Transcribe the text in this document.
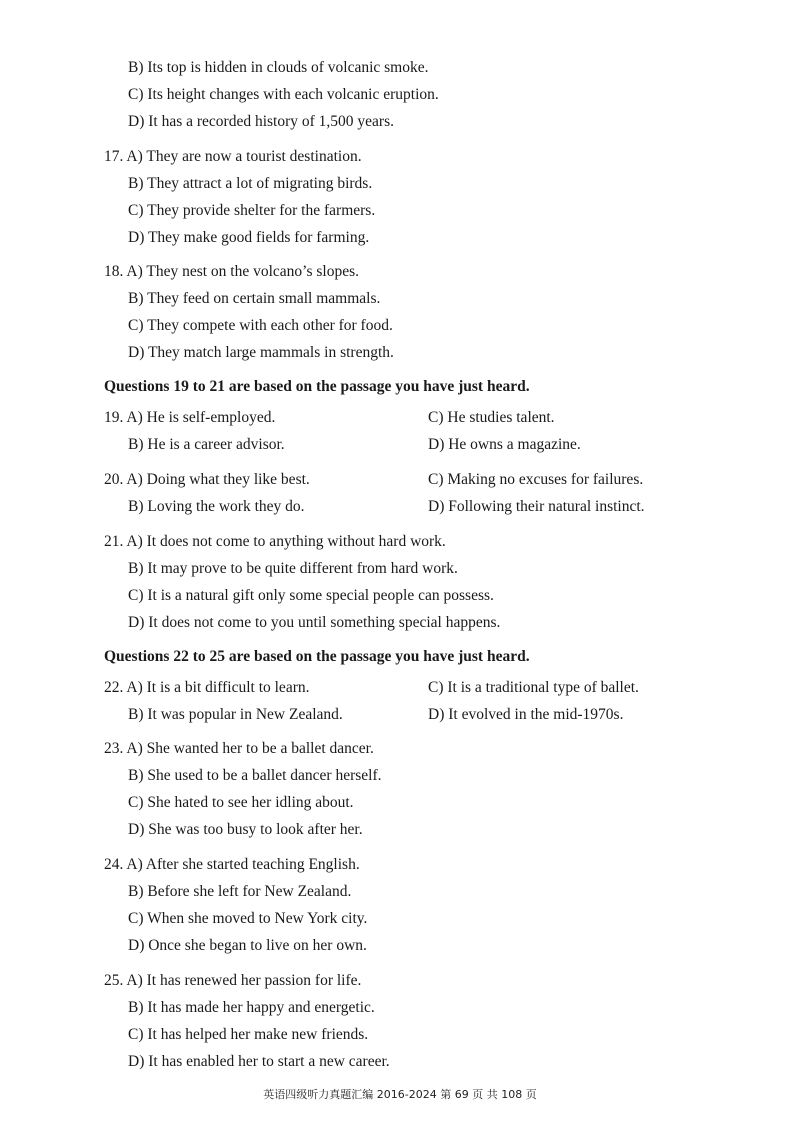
B) Its top is hidden in clouds of volcanic smoke.
C) Its height changes with each volcanic eruption.
D) It has a recorded history of 1,500 years.
17. A) They are now a tourist destination.
B) They attract a lot of migrating birds.
C) They provide shelter for the farmers.
D) They make good fields for farming.
18. A) They nest on the volcano’s slopes.
B) They feed on certain small mammals.
C) They compete with each other for food.
D) They match large mammals in strength.
Questions 19 to 21 are based on the passage you have just heard.
19. A) He is self-employed.	C) He studies talent.
B) He is a career advisor.	D) He owns a magazine.
20. A) Doing what they like best.	C) Making no excuses for failures.
B) Loving the work they do.	D) Following their natural instinct.
21. A) It does not come to anything without hard work.
B) It may prove to be quite different from hard work.
C) It is a natural gift only some special people can possess.
D) It does not come to you until something special happens.
Questions 22 to 25 are based on the passage you have just heard.
22. A) It is a bit difficult to learn.	C) It is a traditional type of ballet.
B) It was popular in New Zealand.	D) It evolved in the mid-1970s.
23. A) She wanted her to be a ballet dancer.
B) She used to be a ballet dancer herself.
C) She hated to see her idling about.
D) She was too busy to look after her.
24. A) After she started teaching English.
B) Before she left for New Zealand.
C) When she moved to New York city.
D) Once she began to live on her own.
25. A) It has renewed her passion for life.
B) It has made her happy and energetic.
C) It has helped her make new friends.
D) It has enabled her to start a new career.
英语四级听力真题汇编 2016-2024 第 69 页 共 108 页
